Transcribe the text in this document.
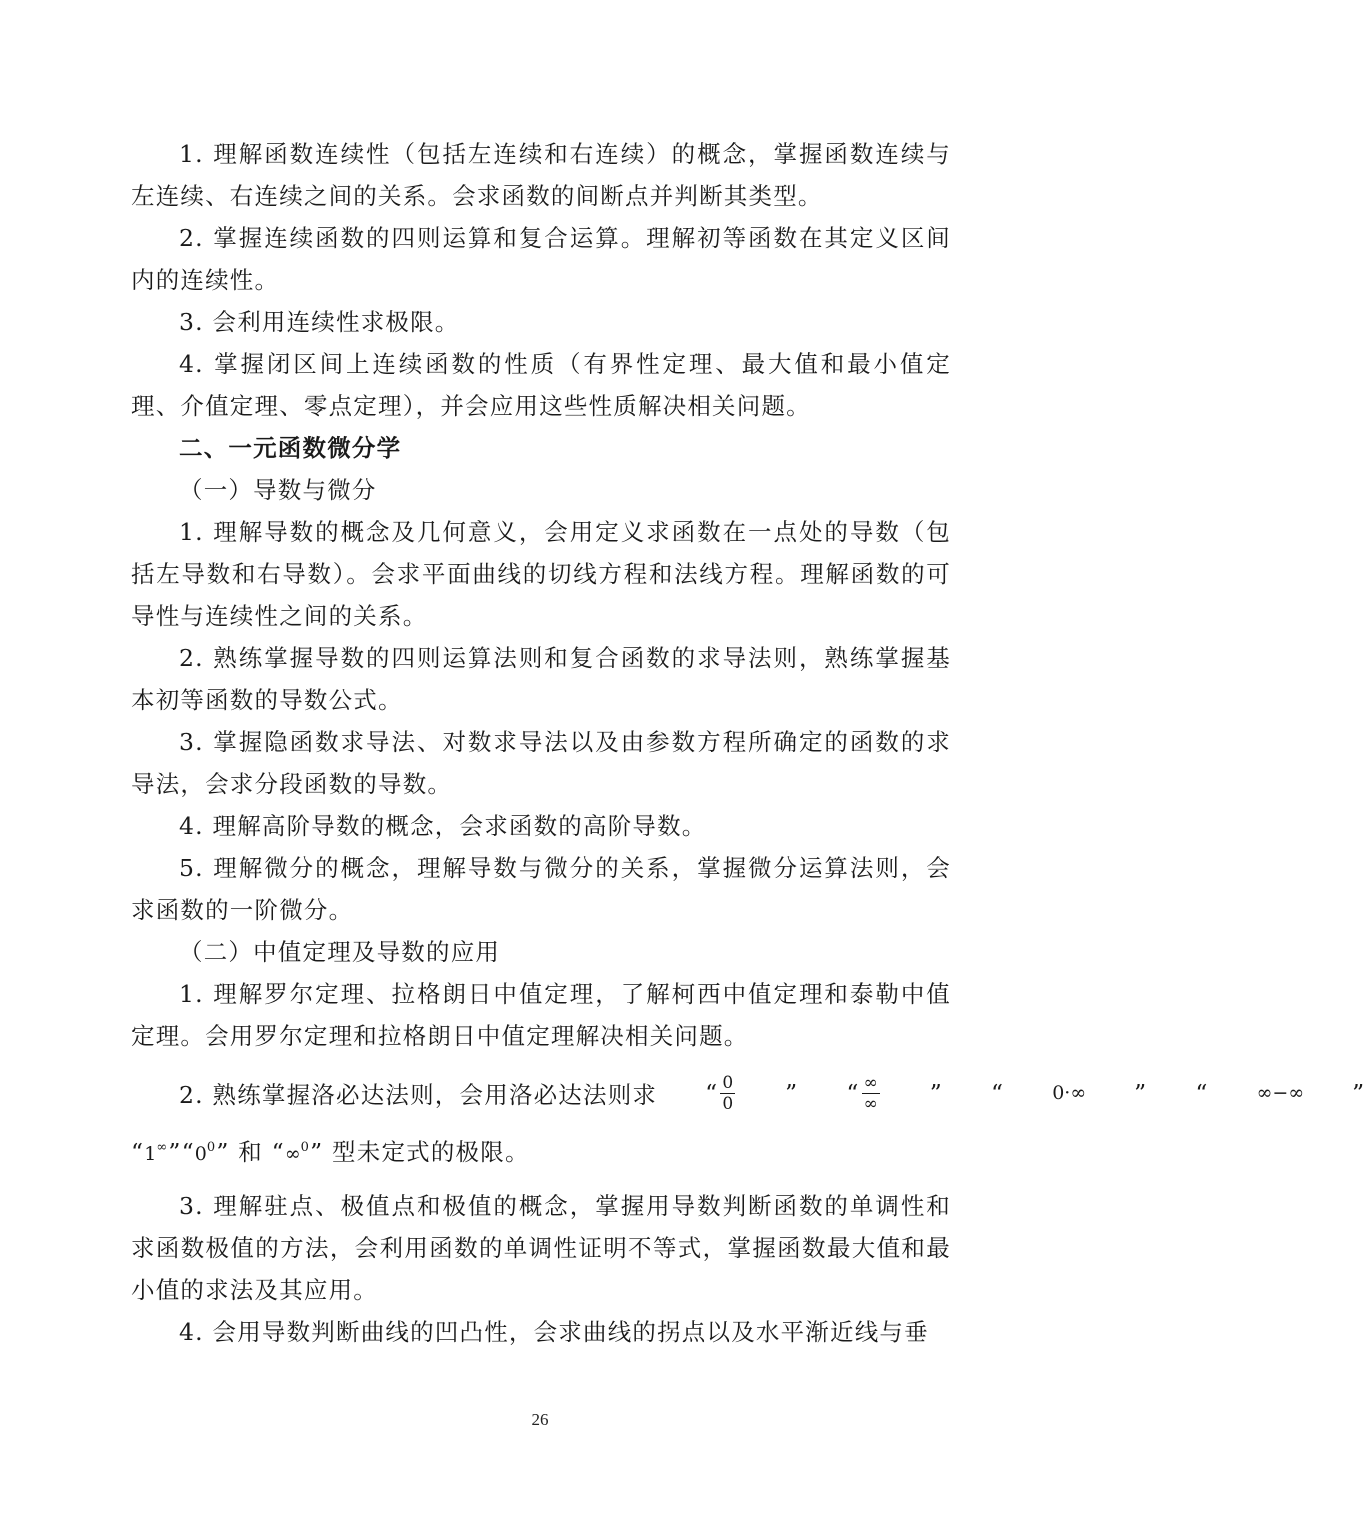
1. 理解函数连续性（包括左连续和右连续）的概念，掌握函数连续与左连续、右连续之间的关系。会求函数的间断点并判断其类型。

2. 掌握连续函数的四则运算和复合运算。理解初等函数在其定义区间内的连续性。

3. 会利用连续性求极限。

4. 掌握闭区间上连续函数的性质（有界性定理、最大值和最小值定理、介值定理、零点定理），并会应用这些性质解决相关问题。

二、一元函数微分学

（一）导数与微分

1. 理解导数的概念及几何意义，会用定义求函数在一点处的导数（包括左导数和右导数）。会求平面曲线的切线方程和法线方程。理解函数的可导性与连续性之间的关系。

2. 熟练掌握导数的四则运算法则和复合函数的求导法则，熟练掌握基本初等函数的导数公式。

3. 掌握隐函数求导法、对数求导法以及由参数方程所确定的函数的求导法，会求分段函数的导数。

4. 理解高阶导数的概念，会求函数的高阶导数。

5. 理解微分的概念，理解导数与微分的关系，掌握微分运算法则，会求函数的一阶微分。

（二）中值定理及导数的应用

1. 理解罗尔定理、拉格朗日中值定理，了解柯西中值定理和泰勒中值定理。会用罗尔定理和拉格朗日中值定理解决相关问题。

2. 熟练掌握洛必达法则，会用洛必达法则求	“ $\frac{0}{0}$	”	“ $\frac{\infty}{\infty}$	”	“	0·∞	”	“	∞−∞	”

“$1^\infty”“0^0$” 和 “∞$^0$” 型未定式的极限。

3. 理解驻点、极值点和极值的概念，掌握用导数判断函数的单调性和求函数极值的方法，会利用函数的单调性证明不等式，掌握函数最大值和最小值的求法及其应用。

4. 会用导数判断曲线的凹凸性，会求曲线的拐点以及水平渐近线与垂

26
